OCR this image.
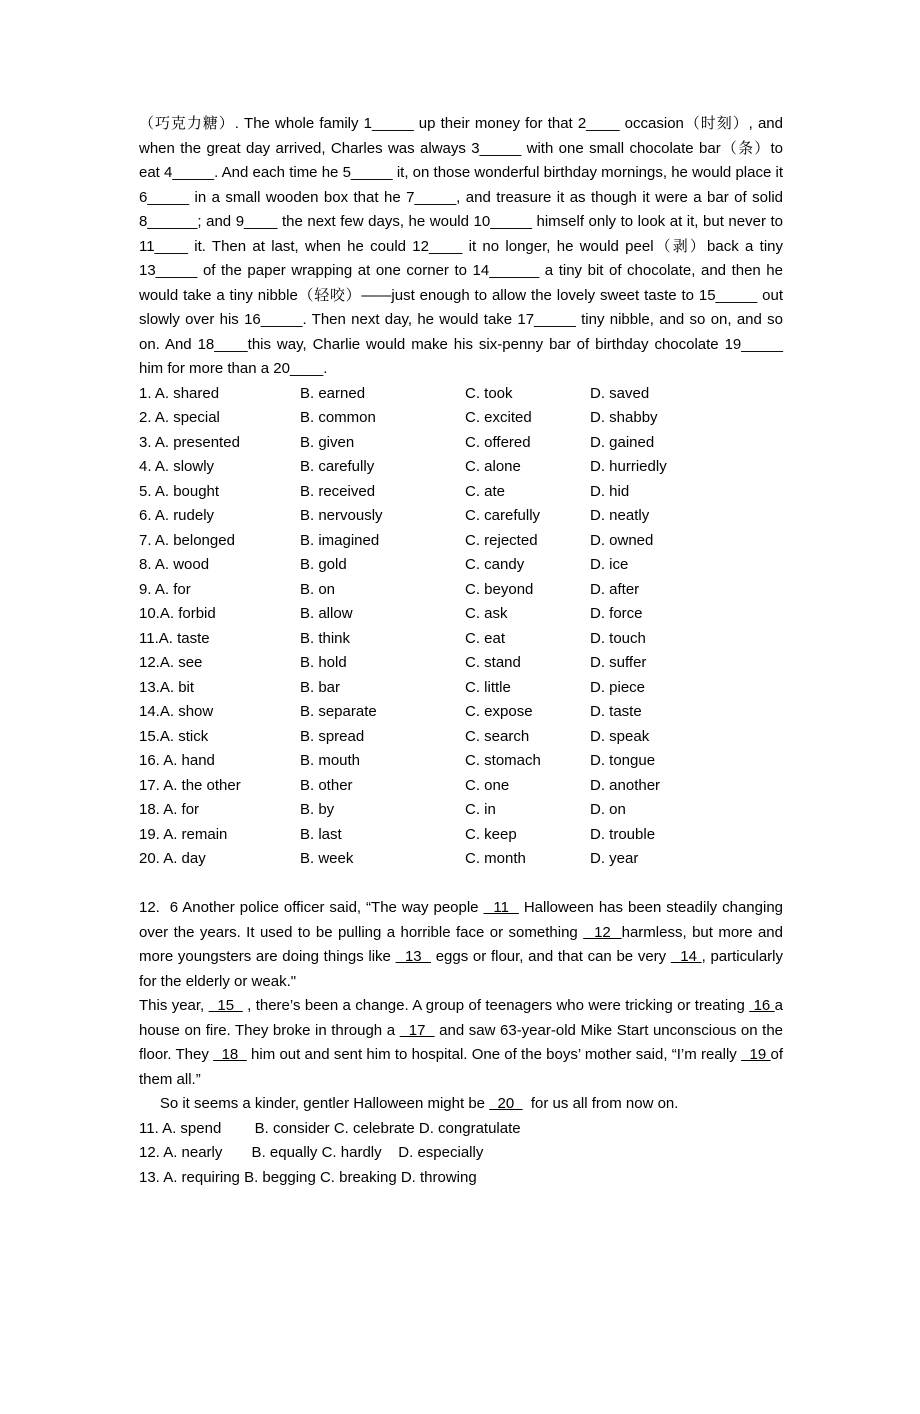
（巧克力糖）. The whole family 1_____ up their money for that 2____ occasion（时刻）, and when the great day arrived, Charles was always 3_____ with one small chocolate bar（条）to eat 4_____. And each time he 5_____ it, on those wonderful birthday mornings, he would place it 6_____ in a small wooden box that he 7_____, and treasure it as though it were a bar of solid 8______; and 9____ the next few days, he would 10_____ himself only to look at it, but never to 11____ it. Then at last, when he could 12____ it no longer, he would peel（剥）back a tiny 13_____ of the paper wrapping at one corner to 14______ a tiny bit of chocolate, and then he would take a tiny nibble（轻咬）——just enough to allow the lovely sweet taste to 15_____ out slowly over his 16_____. Then next day, he would take 17_____ tiny nibble, and so on, and so on. And 18____this way, Charlie would make his six-penny bar of birthday chocolate 19_____ him for more than a 20____.

1. A. shared	B. earned	C. took	D. saved
2. A. special	B. common	C. excited	D. shabby
3. A. presented	B. given	C. offered	D. gained
4. A. slowly	B. carefully	C. alone	D. hurriedly
5. A. bought	B. received	C. ate	D. hid
6. A. rudely	B. nervously	C. carefully	D. neatly
7. A. belonged	B. imagined	C. rejected	D. owned
8. A. wood	B. gold	C. candy	D. ice
9. A. for	B. on	C. beyond	D. after
10.A. forbid	B. allow	C. ask	D. force
11.A. taste	B. think	C. eat	D. touch
12.A. see	B. hold	C. stand	D. suffer
13.A. bit	B. bar	C. little	D. piece
14.A. show	B. separate	C. expose	D. taste
15.A. stick	B. spread	C. search	D. speak
16. A. hand	B. mouth	C. stomach	D. tongue
17. A. the other	B. other	C. one	D. another
18. A. for	B. by	C. in	D. on
19. A. remain	B. last	C. keep	D. trouble
20. A. day	B. week	C. month	D. year
12.  6 Another police officer said, “The way people   11   Halloween has been steadily changing over the years. It used to be pulling a horrible face or something   12  harmless, but more and more youngsters are doing things like   13   eggs or flour, and that can be very   14 , particularly for the elderly or weak."
This year,   15   , there’s been a change. A group of teenagers who were tricking or treating  16 a house on fire. They broke in through a   17   and saw 63-year-old Mike Start unconscious on the floor. They   18   him out and sent him to hospital. One of the boys’ mother said, “I’m really   19 of them all.”
So it seems a kinder, gentler Halloween might be   20    for us all from now on.
11. A. spend        B. consider C. celebrate D. congratulate
12. A. nearly       B. equally C. hardly    D. especially
13. A. requiring B. begging C. breaking D. throwing
